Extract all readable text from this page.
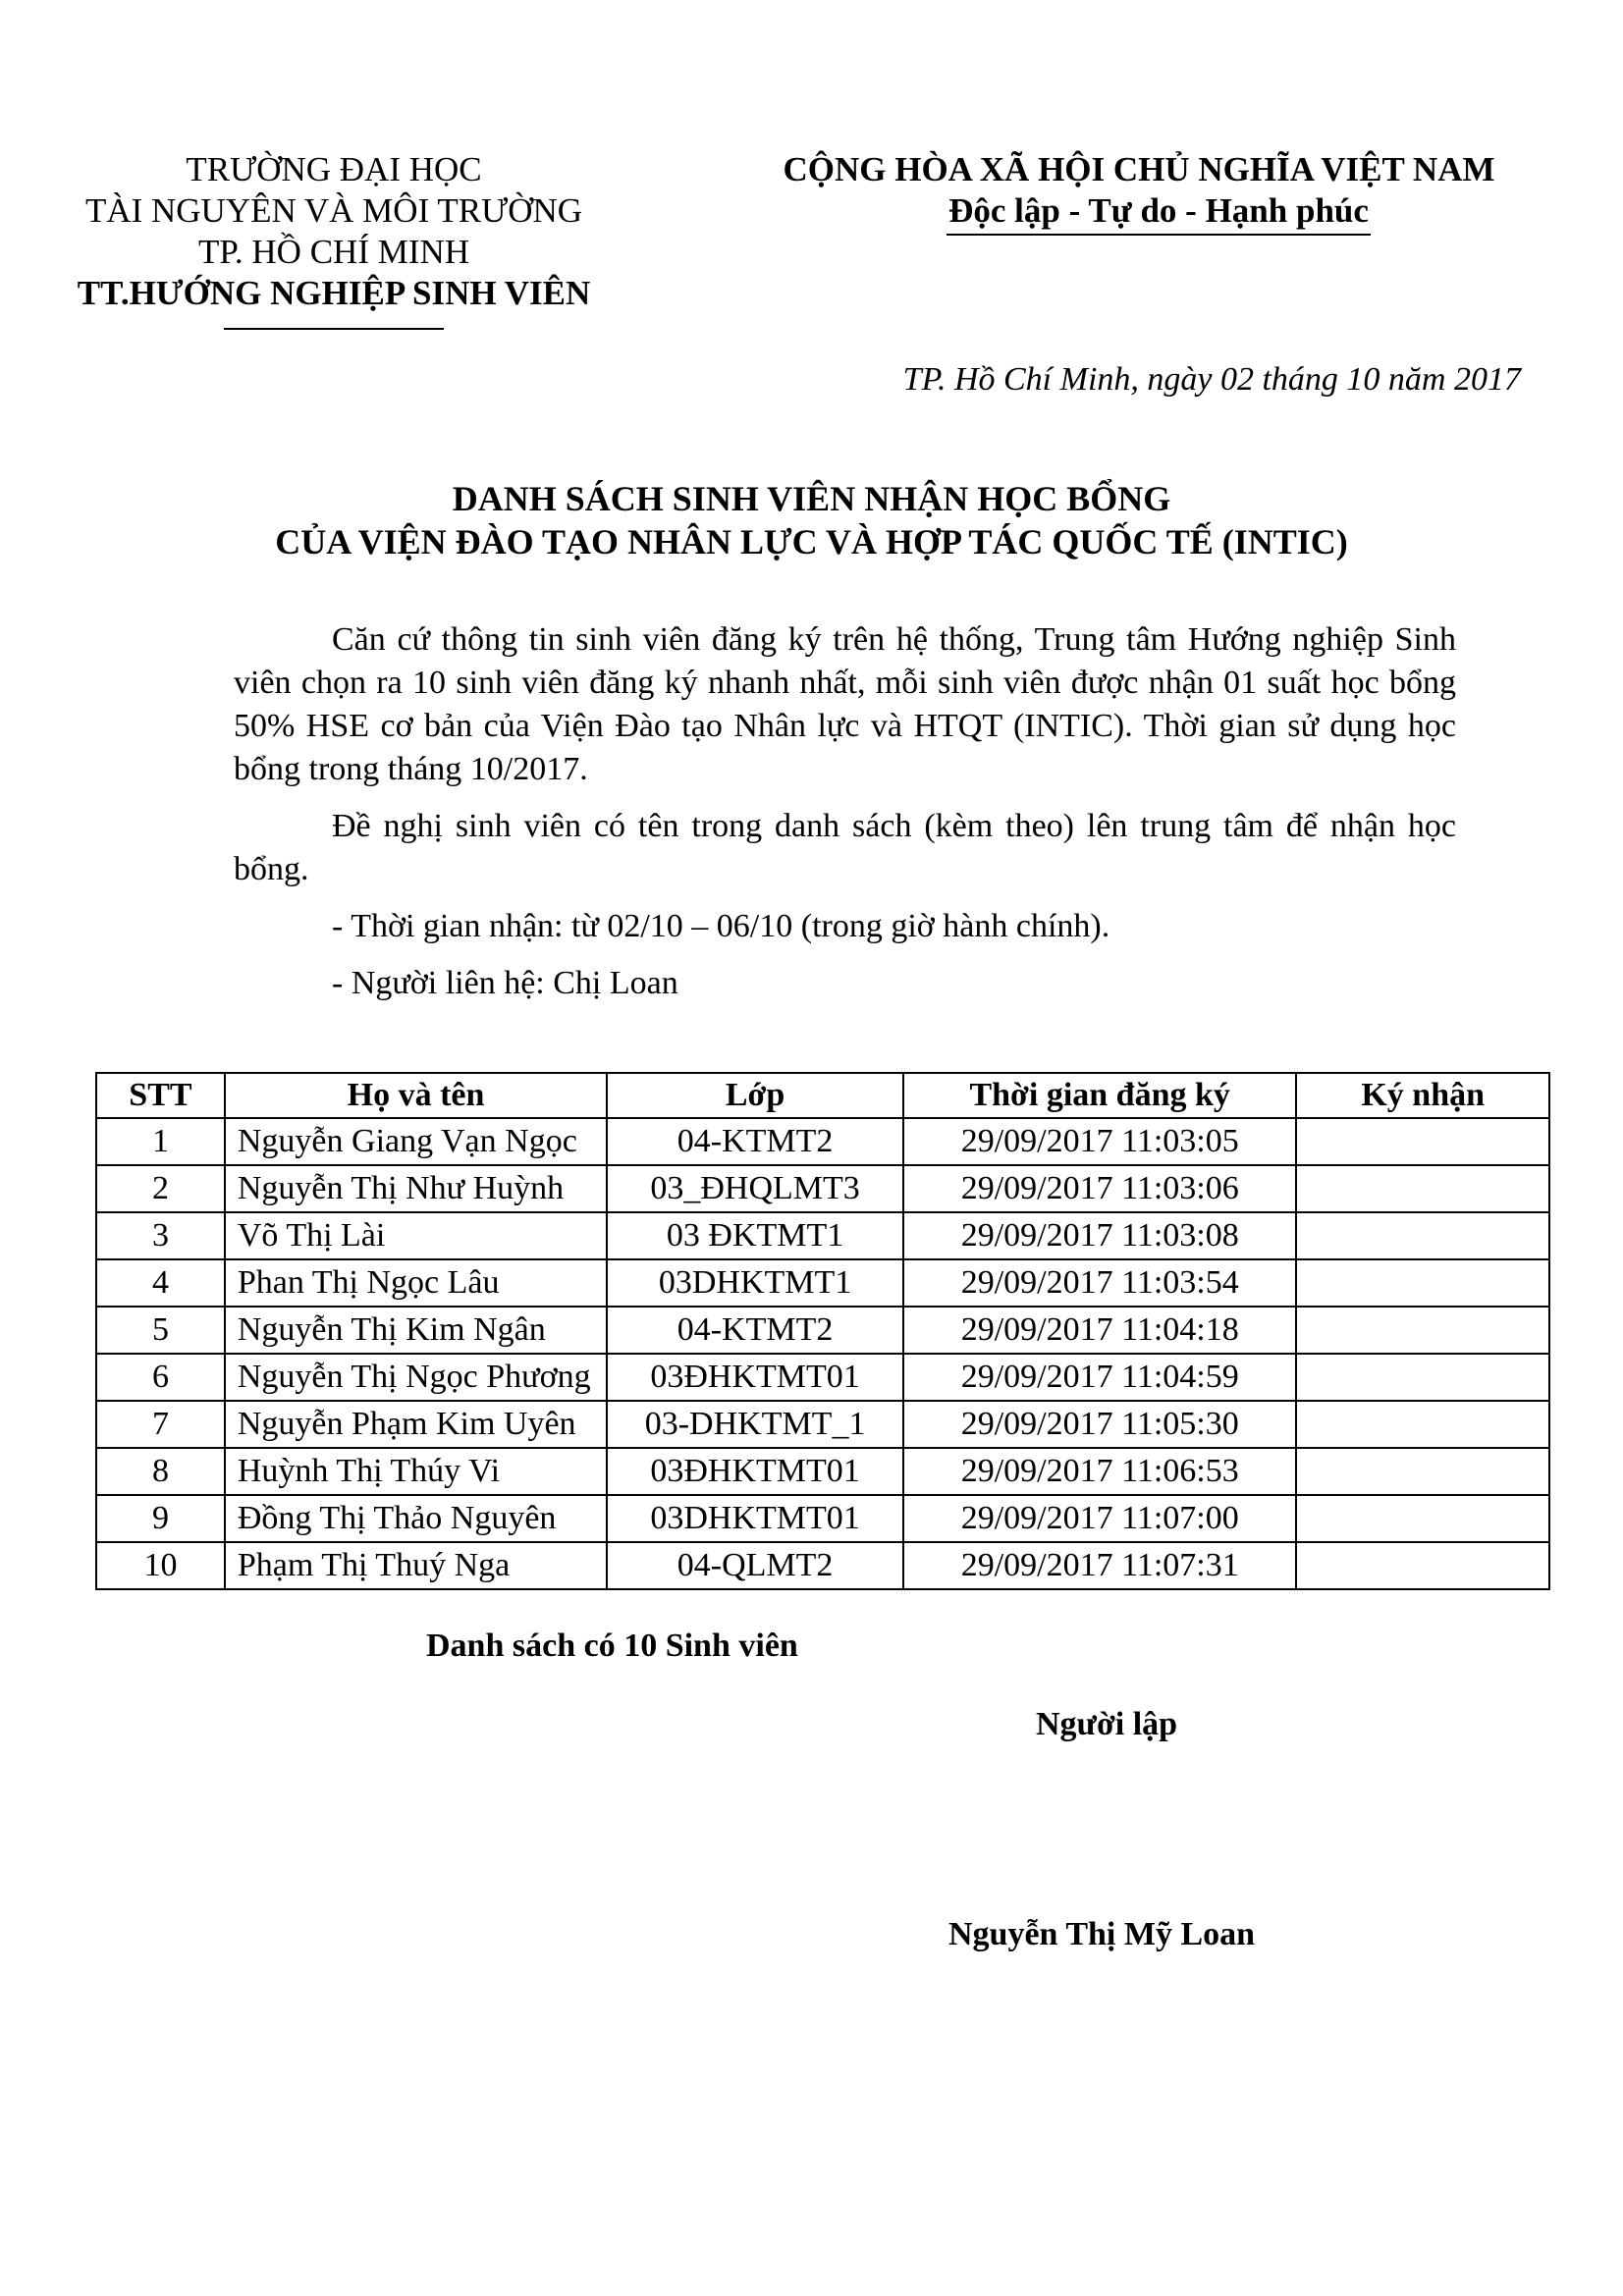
TRƯỜNG ĐẠI HỌC
TÀI NGUYÊN VÀ MÔI TRƯỜNG
TP. HỒ CHÍ MINH
TT.HƯỚNG NGHIỆP SINH VIÊN
CỘNG HÒA XÃ HỘI CHỦ NGHĨA VIỆT NAM
Độc lập - Tự do - Hạnh phúc
TP. Hồ Chí Minh, ngày 02 tháng 10 năm 2017
DANH SÁCH SINH VIÊN NHẬN HỌC BỔNG
CỦA VIỆN ĐÀO TẠO NHÂN LỰC VÀ HỢP TÁC QUỐC TẾ (INTIC)

Căn cứ thông tin sinh viên đăng ký trên hệ thống, Trung tâm Hướng nghiệp Sinh viên chọn ra 10 sinh viên đăng ký nhanh nhất, mỗi sinh viên được nhận 01 suất học bổng 50% HSE cơ bản của Viện Đào tạo Nhân lực và HTQT (INTIC). Thời gian sử dụng học bổng trong tháng 10/2017.

Đề nghị sinh viên có tên trong danh sách (kèm theo) lên trung tâm để nhận học bổng.

- Thời gian nhận: từ 02/10 – 06/10 (trong giờ hành chính).

- Người liên hệ: Chị Loan

STT	Họ và tên	Lớp	Thời gian đăng ký	Ký nhận
1	Nguyễn Giang Vạn Ngọc	04-KTMT2	29/09/2017 11:03:05	
2	Nguyễn Thị Như Huỳnh	03_ĐHQLMT3	29/09/2017 11:03:06	
3	Võ Thị Lài	03 ĐKTMT1	29/09/2017 11:03:08	
4	Phan Thị Ngọc Lâu	03DHKTMT1	29/09/2017 11:03:54	
5	Nguyễn Thị Kim Ngân	04-KTMT2	29/09/2017 11:04:18	
6	Nguyễn Thị Ngọc Phương	03ĐHKTMT01	29/09/2017 11:04:59	
7	Nguyễn Phạm Kim Uyên	03-DHKTMT_1	29/09/2017 11:05:30	
8	Huỳnh Thị Thúy Vi	03ĐHKTMT01	29/09/2017 11:06:53	
9	Đồng Thị Thảo Nguyên	03DHKTMT01	29/09/2017 11:07:00	
10	Phạm Thị Thuý Nga	04-QLMT2	29/09/2017 11:07:31	
Danh sách có 10 Sinh viên
Người lập
Nguyễn Thị Mỹ Loan
